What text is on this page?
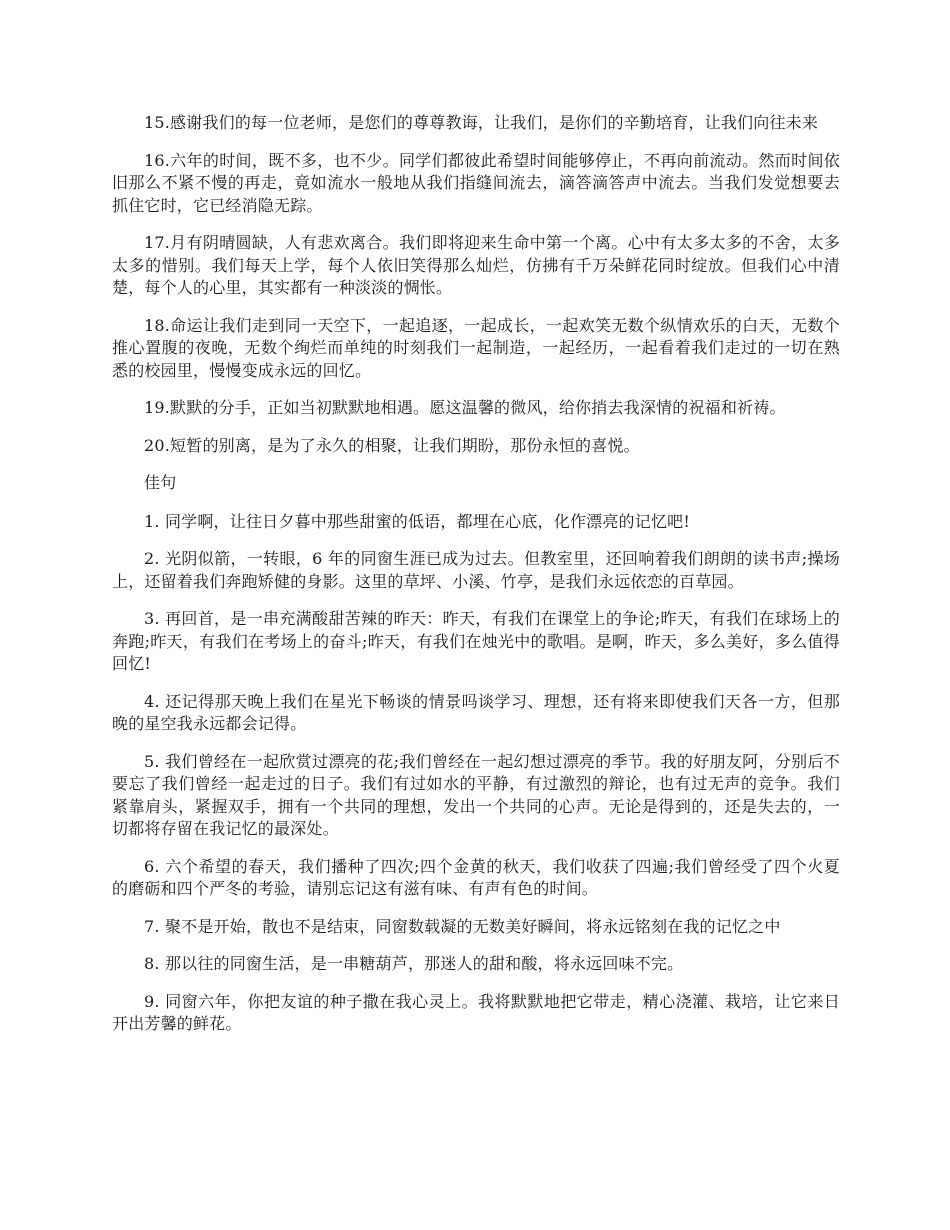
15.感谢我们的每一位老师，是您们的尊尊教诲，让我们，是你们的辛勤培育，让我们向往未来

16.六年的时间，既不多，也不少。同学们都彼此希望时间能够停止，不再向前流动。然而时间依旧那么不紧不慢的再走，竟如流水一般地从我们指缝间流去，滴答滴答声中流去。当我们发觉想要去抓住它时，它已经消隐无踪。

17.月有阴晴圆缺，人有悲欢离合。我们即将迎来生命中第一个离。心中有太多太多的不舍，太多太多的惜别。我们每天上学，每个人依旧笑得那么灿烂，仿拂有千万朵鲜花同时绽放。但我们心中清楚，每个人的心里，其实都有一种淡淡的惆怅。

18.命运让我们走到同一天空下，一起追逐，一起成长，一起欢笑无数个纵情欢乐的白天，无数个推心置腹的夜晚，无数个绚烂而单纯的时刻我们一起制造，一起经历，一起看着我们走过的一切在熟悉的校园里，慢慢变成永远的回忆。

19.默默的分手，正如当初默默地相遇。愿这温馨的微风，给你捎去我深情的祝福和祈祷。

20.短暂的别离，是为了永久的相聚，让我们期盼，那份永恒的喜悦。

佳句

1. 同学啊，让往日夕暮中那些甜蜜的低语，都埋在心底，化作漂亮的记忆吧!

2. 光阴似箭，一转眼，6 年的同窗生涯已成为过去。但教室里，还回响着我们朗朗的读书声;操场上，还留着我们奔跑矫健的身影。这里的草坪、小溪、竹亭，是我们永远依恋的百草园。

3. 再回首，是一串充满酸甜苦辣的昨天：昨天，有我们在课堂上的争论;昨天，有我们在球场上的奔跑;昨天，有我们在考场上的奋斗;昨天，有我们在烛光中的歌唱。是啊，昨天，多么美好，多么值得回忆!

4. 还记得那天晚上我们在星光下畅谈的情景吗谈学习、理想，还有将来即使我们天各一方，但那晚的星空我永远都会记得。

5. 我们曾经在一起欣赏过漂亮的花;我们曾经在一起幻想过漂亮的季节。我的好朋友阿，分别后不要忘了我们曾经一起走过的日子。我们有过如水的平静，有过激烈的辩论，也有过无声的竞争。我们紧靠肩头，紧握双手，拥有一个共同的理想，发出一个共同的心声。无论是得到的，还是失去的，一切都将存留在我记忆的最深处。

6. 六个希望的春天，我们播种了四次;四个金黄的秋天，我们收获了四遍;我们曾经受了四个火夏的磨砺和四个严冬的考验，请别忘记这有滋有味、有声有色的时间。

7. 聚不是开始，散也不是结束，同窗数载凝的无数美好瞬间，将永远铭刻在我的记忆之中

8. 那以往的同窗生活，是一串糖葫芦，那迷人的甜和酸，将永远回味不完。

9. 同窗六年，你把友谊的种子撒在我心灵上。我将默默地把它带走，精心浇灌、栽培，让它来日开出芳馨的鲜花。
